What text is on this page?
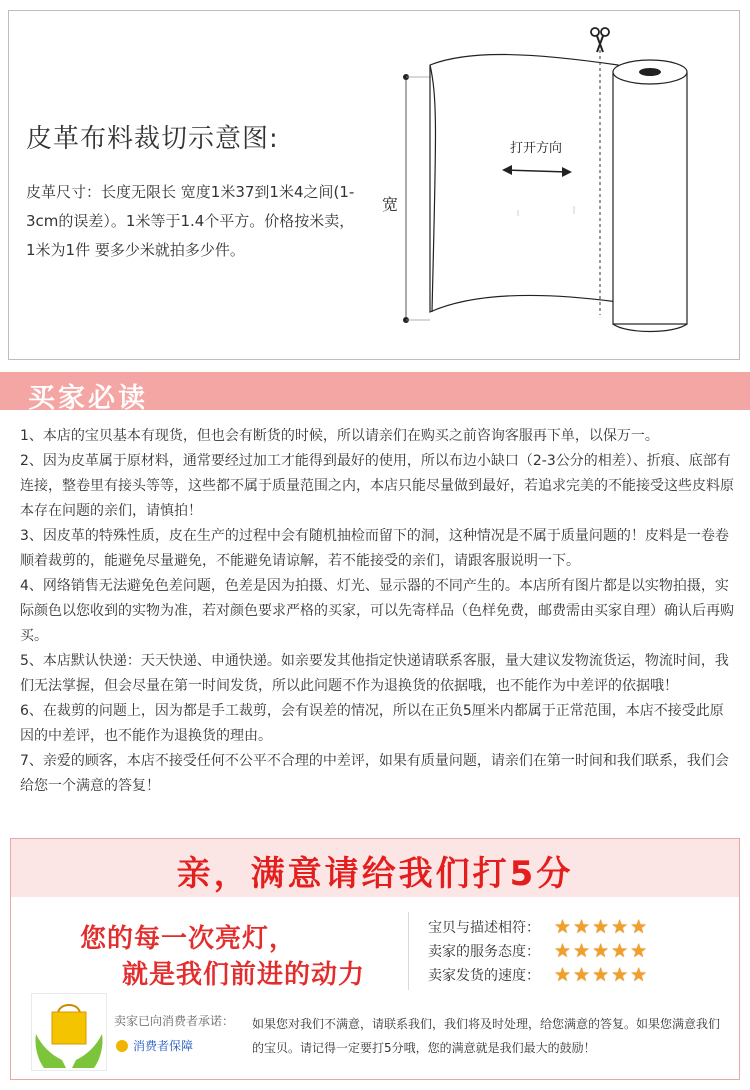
皮革布料裁切示意图:
皮革尺寸：长度无限长 宽度1米37到1米4之间(1-3cm的误差）。1米等于1.4个平方。价格按米卖，1米为1件 要多少米就拍多少件。
宽
打开方向
买家必读

1、本店的宝贝基本有现货，但也会有断货的时候，所以请亲们在购买之前咨询客服再下单，以保万一。

2、因为皮革属于原材料，通常要经过加工才能得到最好的使用，所以布边小缺口（2-3公分的相差）、折痕、底部有连接，整卷里有接头等等，这些都不属于质量范围之内，本店只能尽量做到最好，若追求完美的不能接受这些皮料原本存在问题的亲们，请慎拍！

3、因皮革的特殊性质，皮在生产的过程中会有随机抽检而留下的洞，这种情况是不属于质量问题的！皮料是一卷卷顺着裁剪的，能避免尽量避免，不能避免请谅解，若不能接受的亲们，请跟客服说明一下。

4、网络销售无法避免色差问题，色差是因为拍摄、灯光、显示器的不同产生的。本店所有图片都是以实物拍摄，实际颜色以您收到的实物为准，若对颜色要求严格的买家，可以先寄样品（色样免费，邮费需由买家自理）确认后再购买。

5、本店默认快递：天天快递、申通快递。如亲要发其他指定快递请联系客服，量大建议发物流货运，物流时间，我们无法掌握，但会尽量在第一时间发货，所以此问题不作为退换货的依据哦，也不能作为中差评的依据哦！

6、在裁剪的问题上，因为都是手工裁剪，会有误差的情况，所以在正负5厘米内都属于正常范围，本店不接受此原因的中差评，也不能作为退换货的理由。

7、亲爱的顾客，本店不接受任何不公平不合理的中差评，如果有质量问题，请亲们在第一时间和我们联系，我们会给您一个满意的答复！

亲，满意请给我们打5分
您的每一次亮灯，
就是我们前进的动力
宝贝与描述相符： ★★★★★
卖家的服务态度： ★★★★★
卖家发货的速度： ★★★★★
卖家已向消费者承诺：
消费者保障
如果您对我们不满意，请联系我们，我们将及时处理，给您满意的答复。如果您满意我们的宝贝。请记得一定要打5分哦，您的满意就是我们最大的鼓励！
